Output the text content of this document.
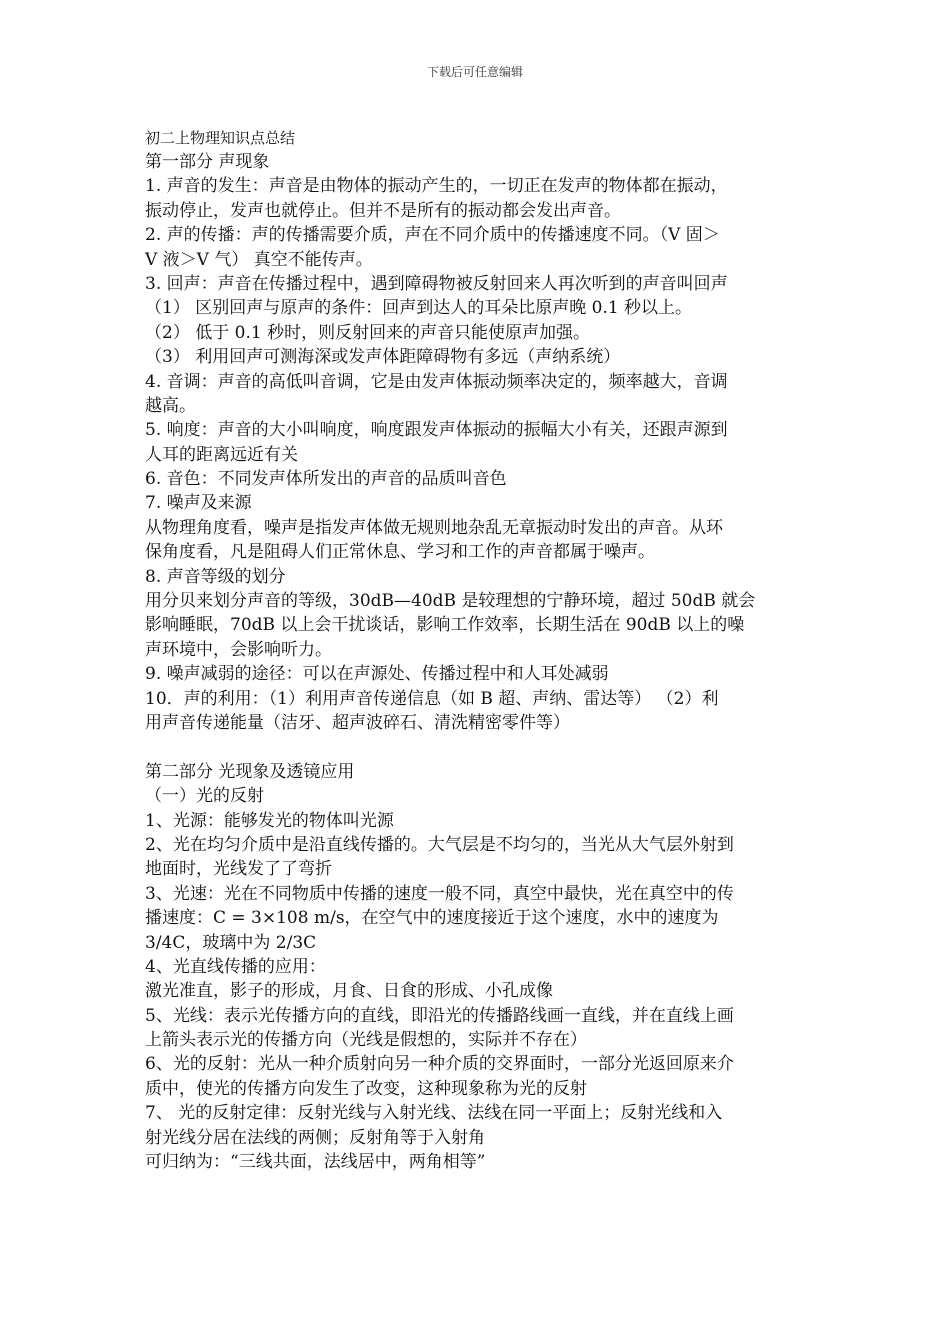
下载后可任意编辑
初二上物理知识点总结
第一部分 声现象
1. 声音的发生：声音是由物体的振动产生的，一切正在发声的物体都在振动，
振动停止，发声也就停止。但并不是所有的振动都会发出声音。
2. 声的传播：声的传播需要介质，声在不同介质中的传播速度不同。（V 固＞
V 液＞V 气） 真空不能传声。
3. 回声：声音在传播过程中，遇到障碍物被反射回来人再次听到的声音叫回声
（1） 区别回声与原声的条件：回声到达人的耳朵比原声晚 0.1 秒以上。
（2） 低于 0.1 秒时，则反射回来的声音只能使原声加强。
（3） 利用回声可测海深或发声体距障碍物有多远（声纳系统）
4. 音调：声音的高低叫音调，它是由发声体振动频率决定的，频率越大，音调
越高。
5. 响度：声音的大小叫响度，响度跟发声体振动的振幅大小有关，还跟声源到
人耳的距离远近有关
6. 音色：不同发声体所发出的声音的品质叫音色
7. 噪声及来源
从物理角度看，噪声是指发声体做无规则地杂乱无章振动时发出的声音。从环
保角度看，凡是阻碍人们正常休息、学习和工作的声音都属于噪声。
8. 声音等级的划分
用分贝来划分声音的等级，30dB—40dB 是较理想的宁静环境，超过 50dB 就会
影响睡眠，70dB 以上会干扰谈话，影响工作效率，长期生活在 90dB 以上的噪
声环境中，会影响听力。
9. 噪声减弱的途径：可以在声源处、传播过程中和人耳处减弱
10．声的利用：（1）利用声音传递信息（如 B 超、声纳、雷达等） （2）利
用声音传递能量（洁牙、超声波碎石、清洗精密零件等）
第二部分 光现象及透镜应用
（一）光的反射
1、光源：能够发光的物体叫光源
2、光在均匀介质中是沿直线传播的。大气层是不均匀的，当光从大气层外射到
地面时，光线发了了弯折
3、光速：光在不同物质中传播的速度一般不同，真空中最快，光在真空中的传
播速度：C = 3×108 m/s，在空气中的速度接近于这个速度，水中的速度为
3/4C，玻璃中为 2/3C
4、光直线传播的应用：
激光准直，影子的形成，月食、日食的形成、小孔成像
5、光线：表示光传播方向的直线，即沿光的传播路线画一直线，并在直线上画
上箭头表示光的传播方向（光线是假想的，实际并不存在）
6、光的反射：光从一种介质射向另一种介质的交界面时，一部分光返回原来介
质中，使光的传播方向发生了改变，这种现象称为光的反射
7、 光的反射定律：反射光线与入射光线、法线在同一平面上；反射光线和入
射光线分居在法线的两侧；反射角等于入射角
可归纳为：“三线共面，法线居中，两角相等”
